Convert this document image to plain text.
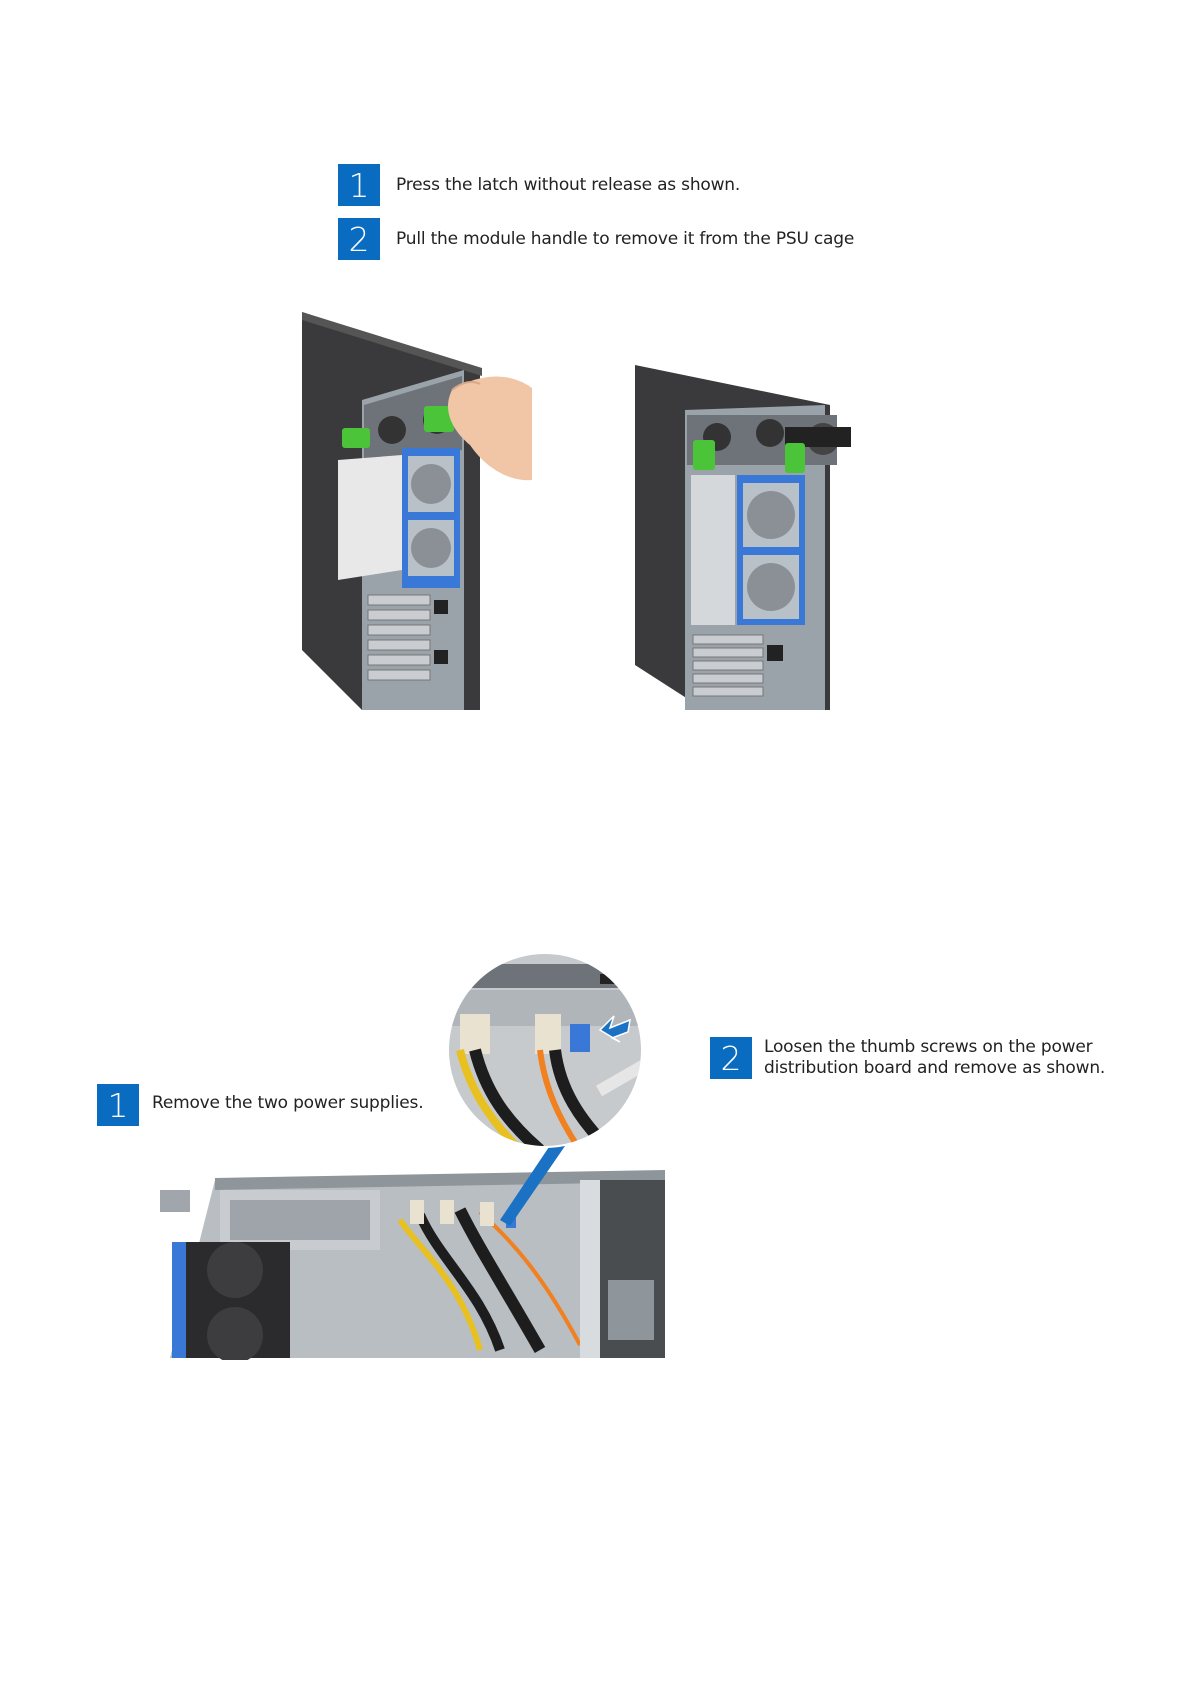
1	Press the latch without release as shown.
2	Pull the module handle to remove it from the PSU cage
1	Remove the two power supplies.
2	Loosen the thumb screws on the power
distribution board and remove as shown.
